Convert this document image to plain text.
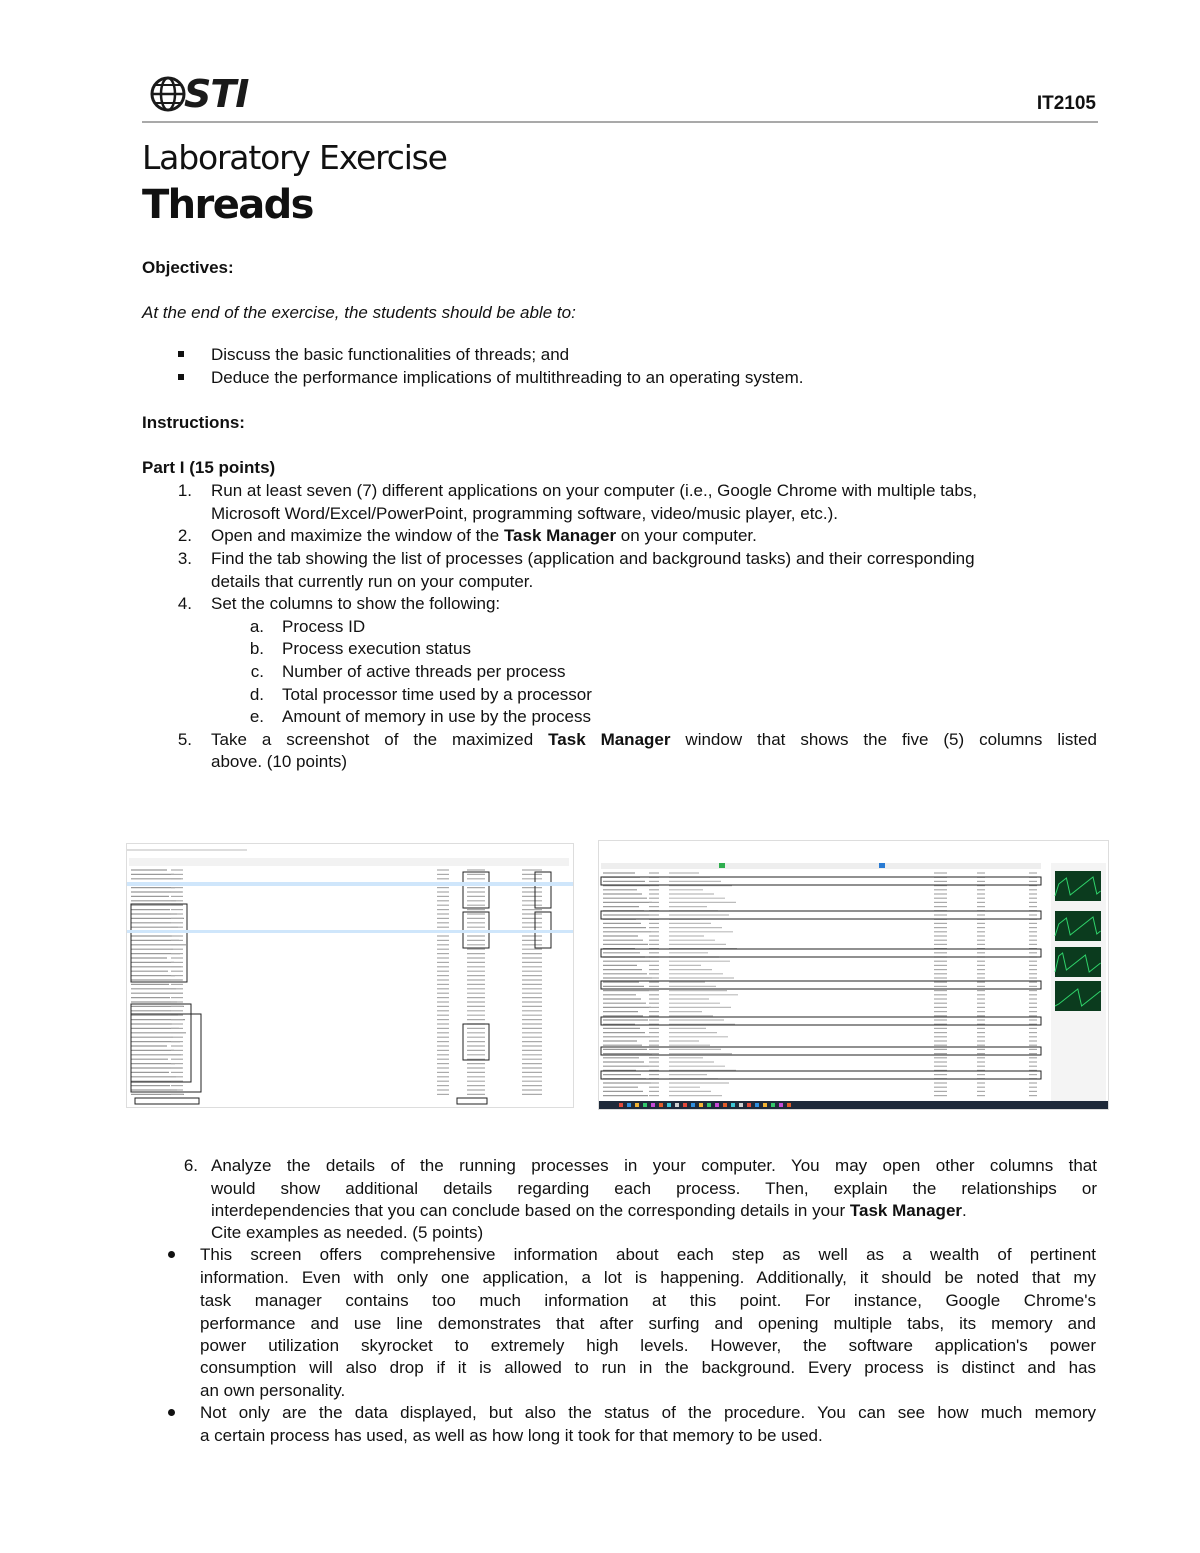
STI	IT2105
Laboratory Exercise
Threads
Objectives:
At the end of the exercise, the students should be able to:
Discuss the basic functionalities of threads; and
Deduce the performance implications of multithreading to an operating system.
Instructions:
Part I (15 points)
1. Run at least seven (7) different applications on your computer (i.e., Google Chrome with multiple tabs,
Microsoft Word/Excel/PowerPoint, programming software, video/music player, etc.).
2. Open and maximize the window of the Task Manager on your computer.
3. Find the tab showing the list of processes (application and background tasks) and their corresponding
details that currently run on your computer.
4. Set the columns to show the following:
a. Process ID
b. Process execution status
c. Number of active threads per process
d. Total processor time used by a processor
e. Amount of memory in use by the process
5. Take a screenshot of the maximized Task Manager window that shows the five (5) columns listed
above. (10 points)
6. Analyze the details of the running processes in your computer. You may open other columns that
would show additional details regarding each process. Then, explain the relationships or
interdependencies that you can conclude based on the corresponding details in your Task Manager.
Cite examples as needed. (5 points)
This screen offers comprehensive information about each step as well as a wealth of pertinent
information. Even with only one application, a lot is happening. Additionally, it should be noted that my
task manager contains too much information at this point. For instance, Google Chrome's
performance and use line demonstrates that after surfing and opening multiple tabs, its memory and
power utilization skyrocket to extremely high levels. However, the software application's power
consumption will also drop if it is allowed to run in the background. Every process is distinct and has
an own personality.
Not only are the data displayed, but also the status of the procedure. You can see how much memory
a certain process has used, as well as how long it took for that memory to be used.
